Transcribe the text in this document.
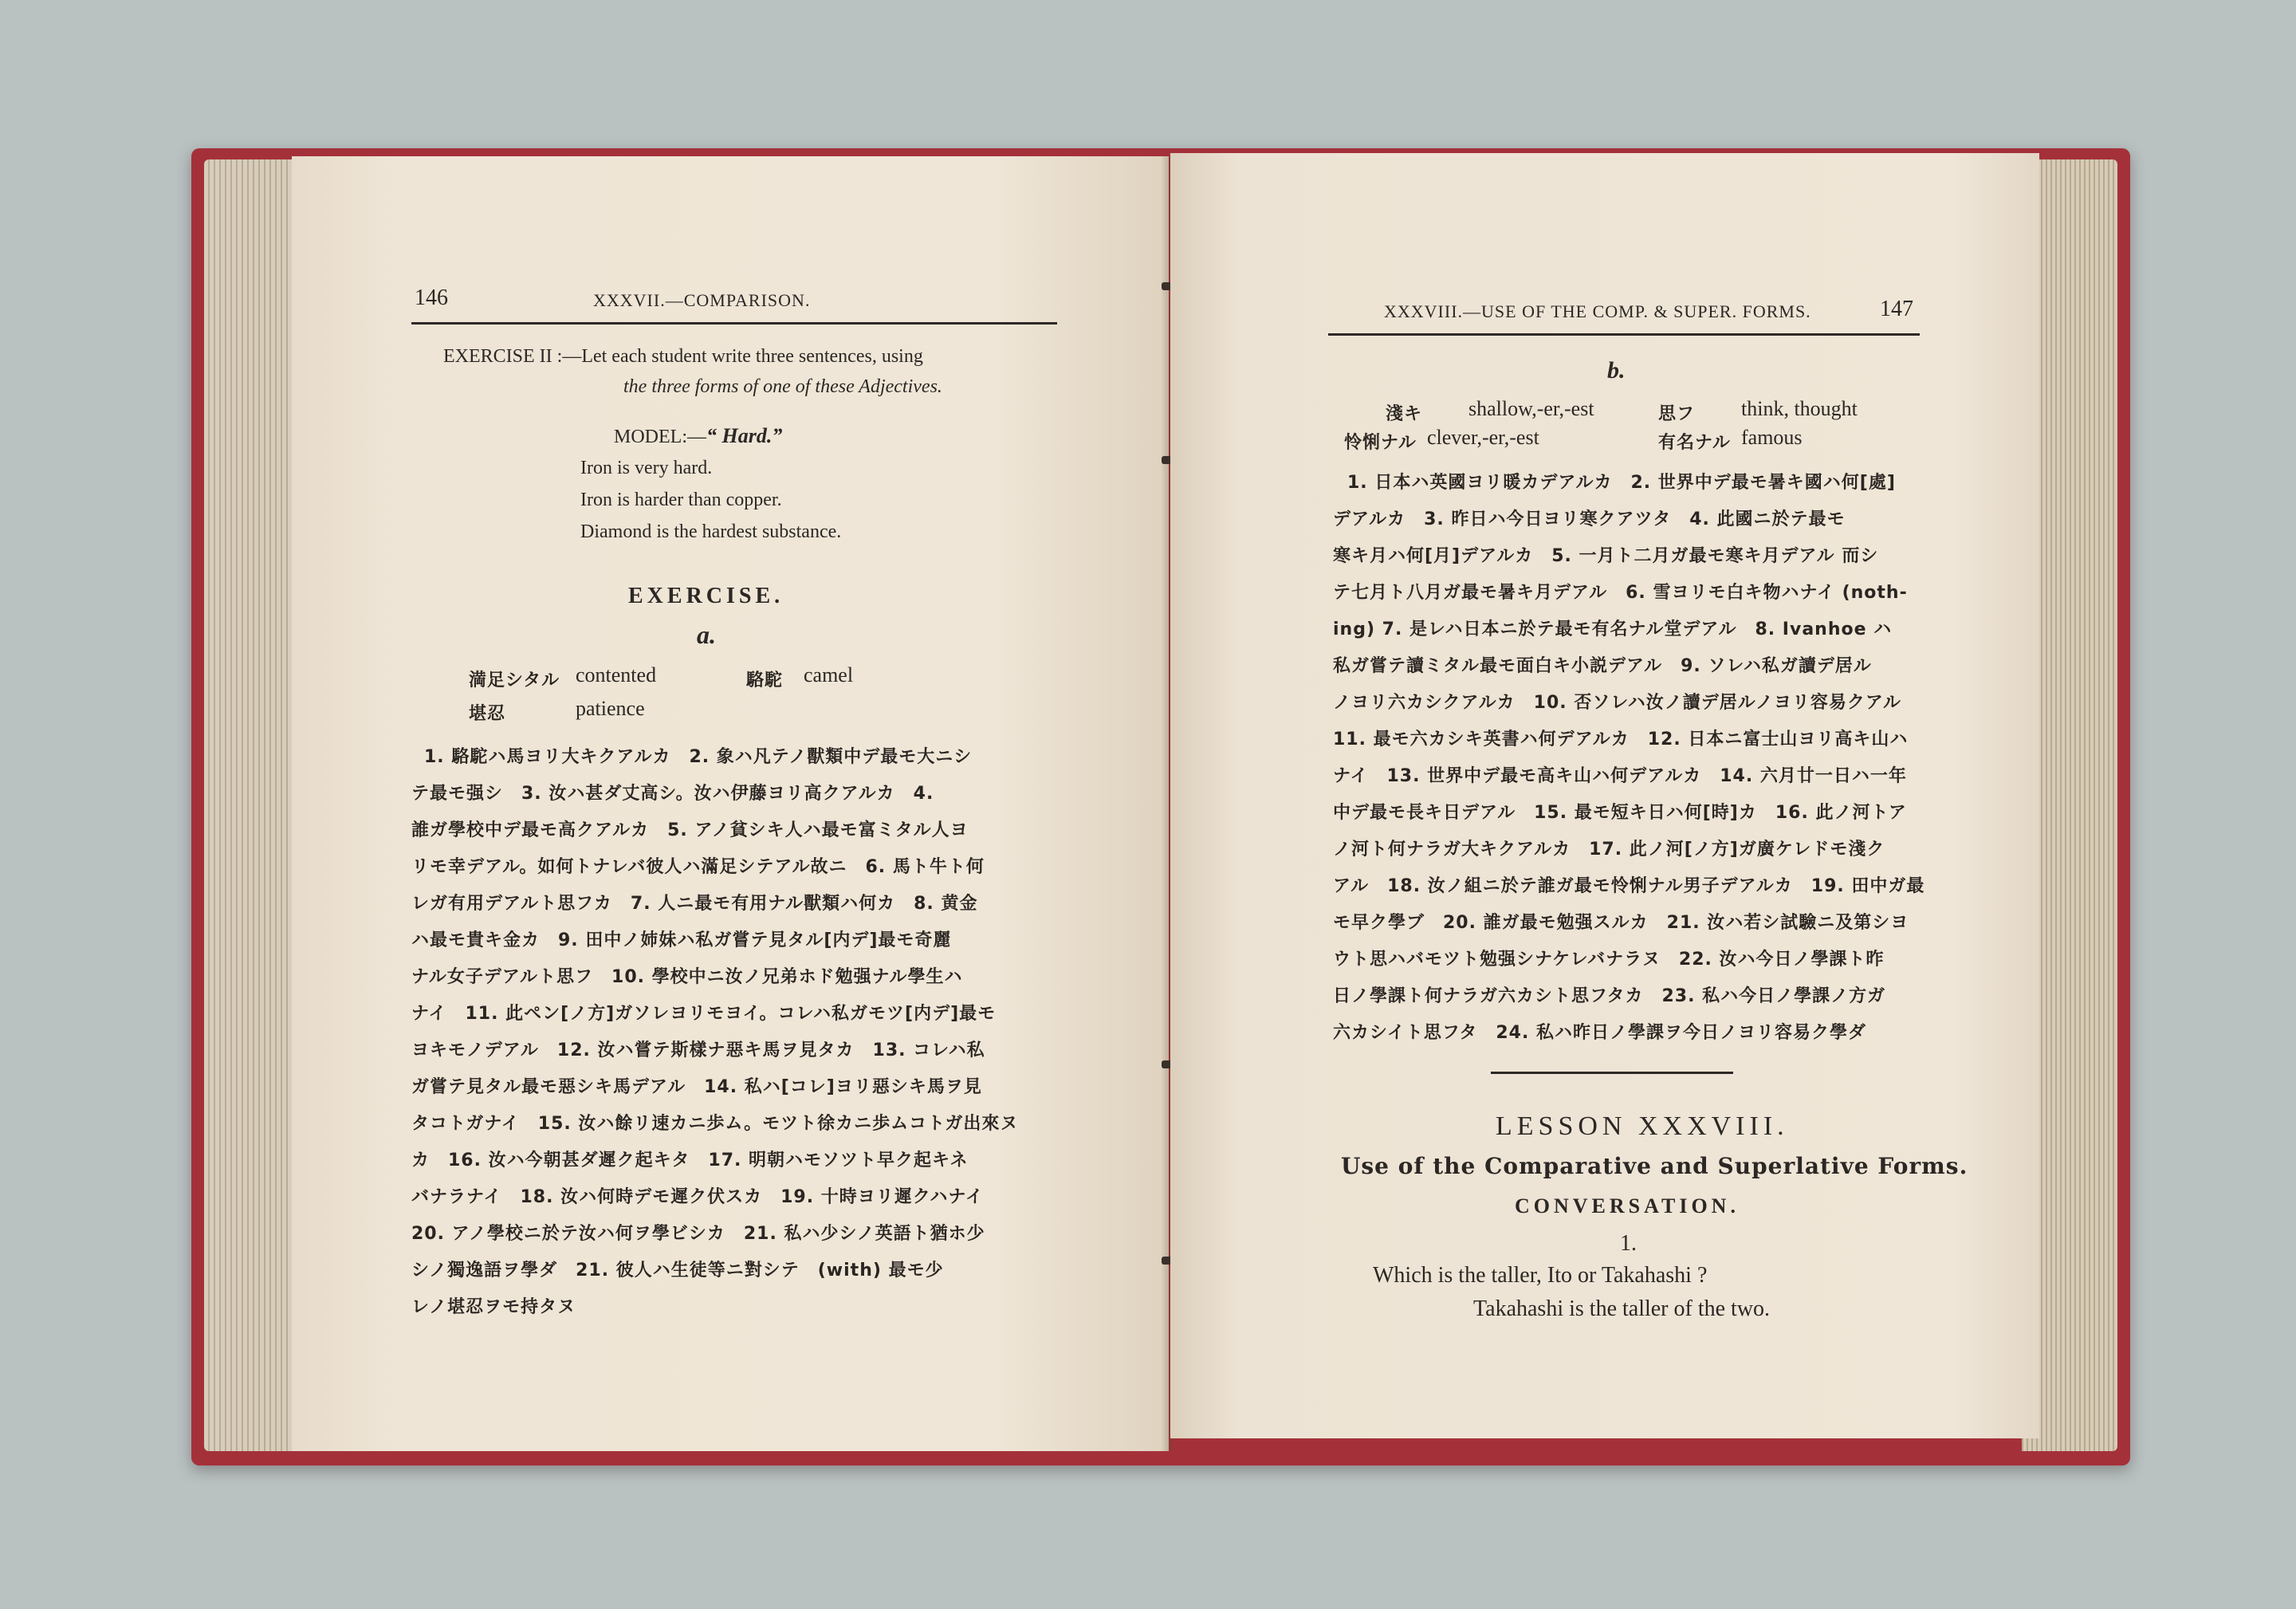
146	XXXVII.—COMPARISON.
EXERCISE II :—Let each student write three sentences, using
the three forms of one of these Adjectives.
MODEL:—“ Hard.”
Iron is very hard.
Iron is harder than copper.
Diamond is the hardest substance.
EXERCISE.
a.
満足シタル contented	駱駝 camel
堪忍	patience
1. 駱駝ハ馬ヨリ大キクアルカ　2. 象ハ凡テノ獸類中デ最モ大ニシ
テ最モ强シ　3. 汝ハ甚ダ丈高シ。汝ハ伊藤ヨリ高クアルカ　4.
誰ガ學校中デ最モ高クアルカ　5. アノ貧シキ人ハ最モ富ミタル人ヨ
リモ幸デアル。如何トナレバ彼人ハ滿足シテアル故ニ　6. 馬ト牛ト何
レガ有用デアルト思フカ　7. 人ニ最モ有用ナル獸類ハ何カ　8. 黄金
ハ最モ貴キ金カ　9. 田中ノ姉妹ハ私ガ嘗テ見タル[内デ]最モ奇麗
ナル女子デアルト思フ　10. 學校中ニ汝ノ兄弟ホド勉强ナル學生ハ
ナイ　11. 此ペン[ノ方]ガソレヨリモヨイ。コレハ私ガモツ[内デ]最モ
ヨキモノデアル　12. 汝ハ嘗テ斯樣ナ惡キ馬ヲ見タカ　13. コレハ私
ガ嘗テ見タル最モ惡シキ馬デアル　14. 私ハ[コレ]ヨリ惡シキ馬ヲ見
タコトガナイ　15. 汝ハ餘リ速カニ歩ム。モツト徐カニ歩ムコトガ出來ヌ
カ　16. 汝ハ今朝甚ダ遲ク起キタ　17. 明朝ハモソツト早ク起キネ
バナラナイ　18. 汝ハ何時デモ遲ク伏スカ　19. 十時ヨリ遲クハナイ
20. アノ學校ニ於テ汝ハ何ヲ學ビシカ　21. 私ハ少シノ英語ト猶ホ少
シノ獨逸語ヲ學ダ　21. 彼人ハ生徒等ニ對シテ　(with) 最モ少
レノ堪忍ヲモ持タヌ
XXXVIII.—USE OF THE COMP. & SUPER. FORMS.	147
b.
淺キ shallow,-er,-est	思フ think, thought
怜悧ナル clever,-er,-est	有名ナル famous
1. 日本ハ英國ヨリ暖カデアルカ　2. 世界中デ最モ暑キ國ハ何[處]
デアルカ　3. 昨日ハ今日ヨリ寒クアツタ　4. 此國ニ於テ最モ
寒キ月ハ何[月]デアルカ　5. 一月ト二月ガ最モ寒キ月デアル 而シ
テ七月ト八月ガ最モ暑キ月デアル　6. 雪ヨリモ白キ物ハナイ (noth-
ing) 7. 是レハ日本ニ於テ最モ有名ナル堂デアル　8. Ivanhoe ハ
私ガ嘗テ讀ミタル最モ面白キ小説デアル　9. ソレハ私ガ讀デ居ル
ノヨリ六カシクアルカ　10. 否ソレハ汝ノ讀デ居ルノヨリ容易クアル
11. 最モ六カシキ英書ハ何デアルカ　12. 日本ニ富士山ヨリ高キ山ハ
ナイ　13. 世界中デ最モ高キ山ハ何デアルカ　14. 六月廿一日ハ一年
中デ最モ長キ日デアル　15. 最モ短キ日ハ何[時]カ　16. 此ノ河トア
ノ河ト何ナラガ大キクアルカ　17. 此ノ河[ノ方]ガ廣ケレドモ淺ク
アル　18. 汝ノ組ニ於テ誰ガ最モ怜悧ナル男子デアルカ　19. 田中ガ最
モ早ク學ブ　20. 誰ガ最モ勉强スルカ　21. 汝ハ若シ試驗ニ及第シヨ
ウト思ハバモツト勉强シナケレバナラヌ　22. 汝ハ今日ノ學課ト昨
日ノ學課ト何ナラガ六カシト思フタカ　23. 私ハ今日ノ學課ノ方ガ
六カシイト思フタ　24. 私ハ昨日ノ學課ヲ今日ノヨリ容易ク學ダ
LESSON XXXVIII.
Use of the Comparative and Superlative Forms.
CONVERSATION.
1.
Which is the taller, Ito or Takahashi ?
Takahashi is the taller of the two.
